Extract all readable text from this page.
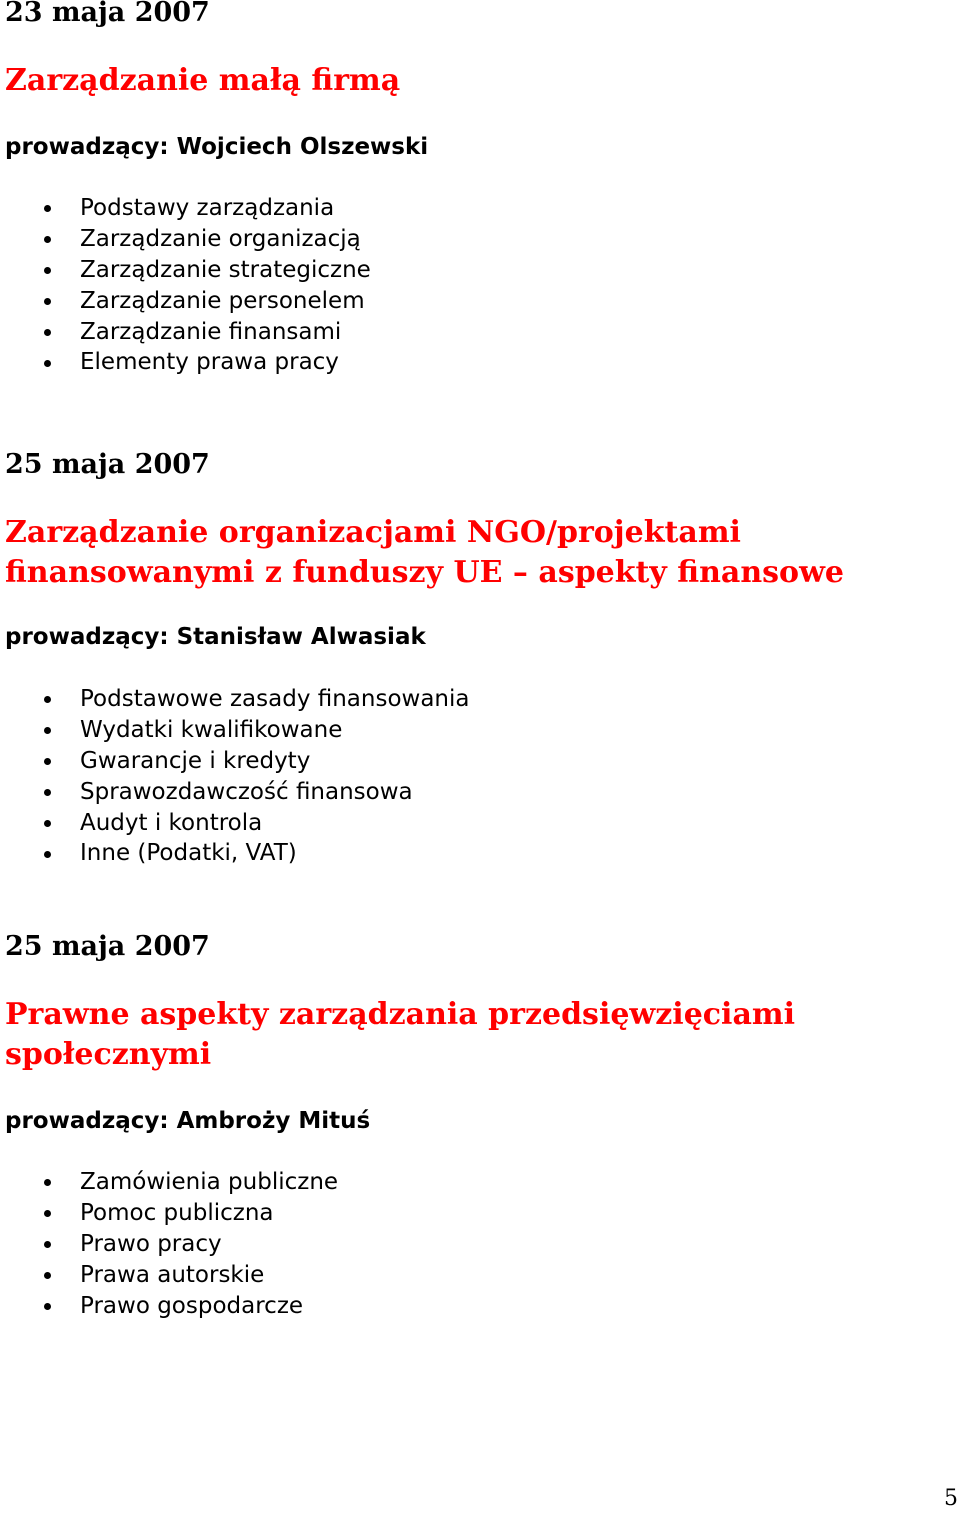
23 maja 2007
Zarządzanie małą firmą
prowadzący: Wojciech Olszewski
Podstawy zarządzania
Zarządzanie organizacją
Zarządzanie strategiczne
Zarządzanie personelem
Zarządzanie finansami
Elementy prawa pracy
25 maja 2007
Zarządzanie organizacjami NGO/projektami finansowanymi z funduszy UE – aspekty finansowe
prowadzący: Stanisław Alwasiak
Podstawowe zasady finansowania
Wydatki kwalifikowane
Gwarancje i kredyty
Sprawozdawczość finansowa
Audyt i kontrola
Inne (Podatki, VAT)
25 maja 2007
Prawne aspekty zarządzania przedsięwzięciami społecznymi
prowadzący: Ambroży Mituś
Zamówienia publiczne
Pomoc publiczna
Prawo pracy
Prawa autorskie
Prawo gospodarcze
5
